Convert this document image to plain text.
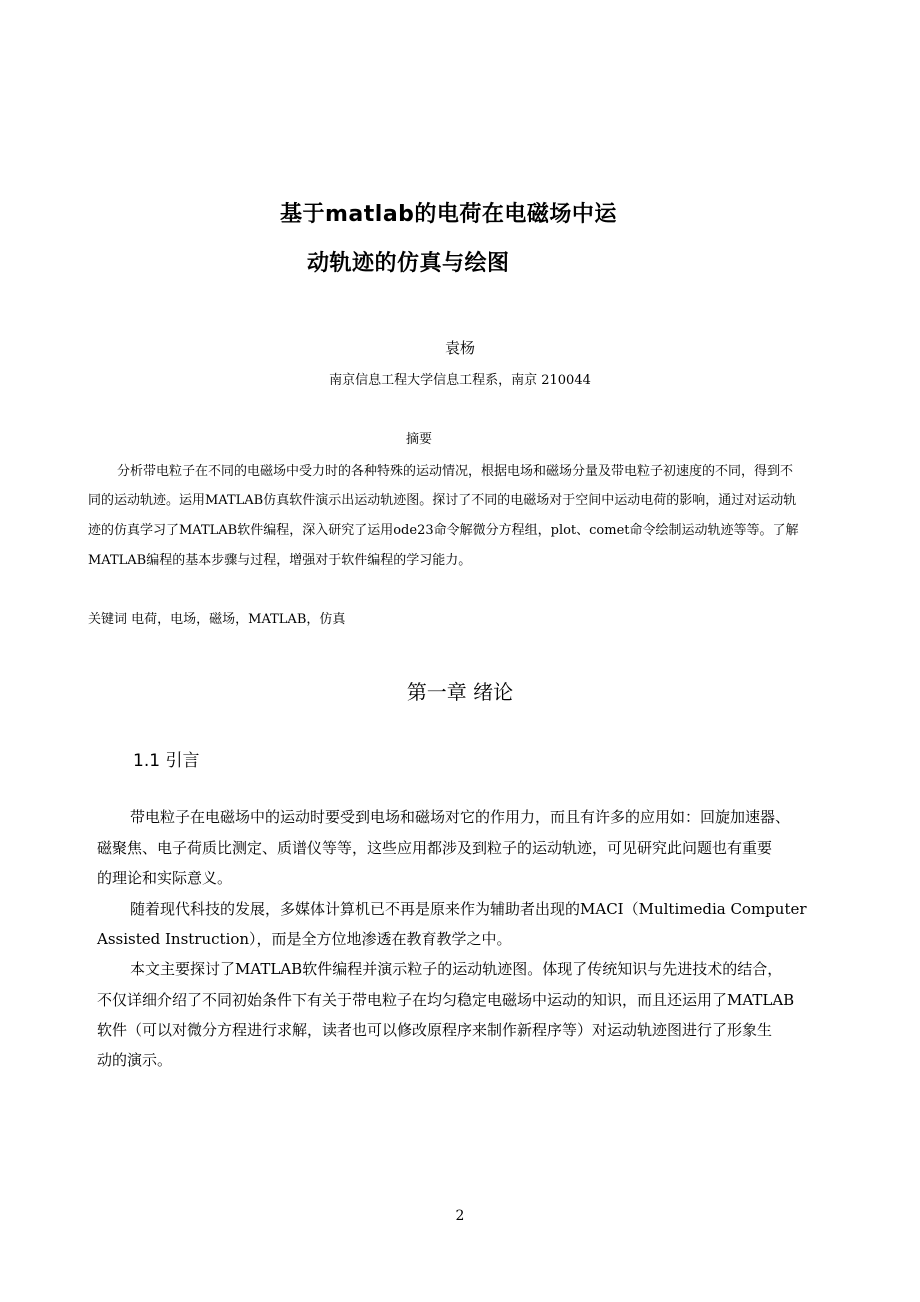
基于matlab的电荷在电磁场中运
动轨迹的仿真与绘图
袁杨
南京信息工程大学信息工程系，南京 210044
摘要
分析带电粒子在不同的电磁场中受力时的各种特殊的运动情况，根据电场和磁场分量及带电粒子初速度的不同，得到不
同的运动轨迹。运用MATLAB仿真软件演示出运动轨迹图。探讨了不同的电磁场对于空间中运动电荷的影响，通过对运动轨
迹的仿真学习了MATLAB软件编程，深入研究了运用ode23命令解微分方程组，plot、comet命令绘制运动轨迹等等。了解
MATLAB编程的基本步骤与过程，增强对于软件编程的学习能力。
关键词 电荷，电场，磁场，MATLAB，仿真
第一章 绪论
1.1 引言
带电粒子在电磁场中的运动时要受到电场和磁场对它的作用力，而且有许多的应用如：回旋加速器、
磁聚焦、电子荷质比测定、质谱仪等等，这些应用都涉及到粒子的运动轨迹，可见研究此问题也有重要
的理论和实际意义。
随着现代科技的发展，多媒体计算机已不再是原来作为辅助者出现的MACI（Multimedia Computer
Assisted Instruction），而是全方位地渗透在教育教学之中。
本文主要探讨了MATLAB软件编程并演示粒子的运动轨迹图。体现了传统知识与先进技术的结合，
不仅详细介绍了不同初始条件下有关于带电粒子在均匀稳定电磁场中运动的知识，而且还运用了MATLAB
软件（可以对微分方程进行求解，读者也可以修改原程序来制作新程序等）对运动轨迹图进行了形象生
动的演示。
2
